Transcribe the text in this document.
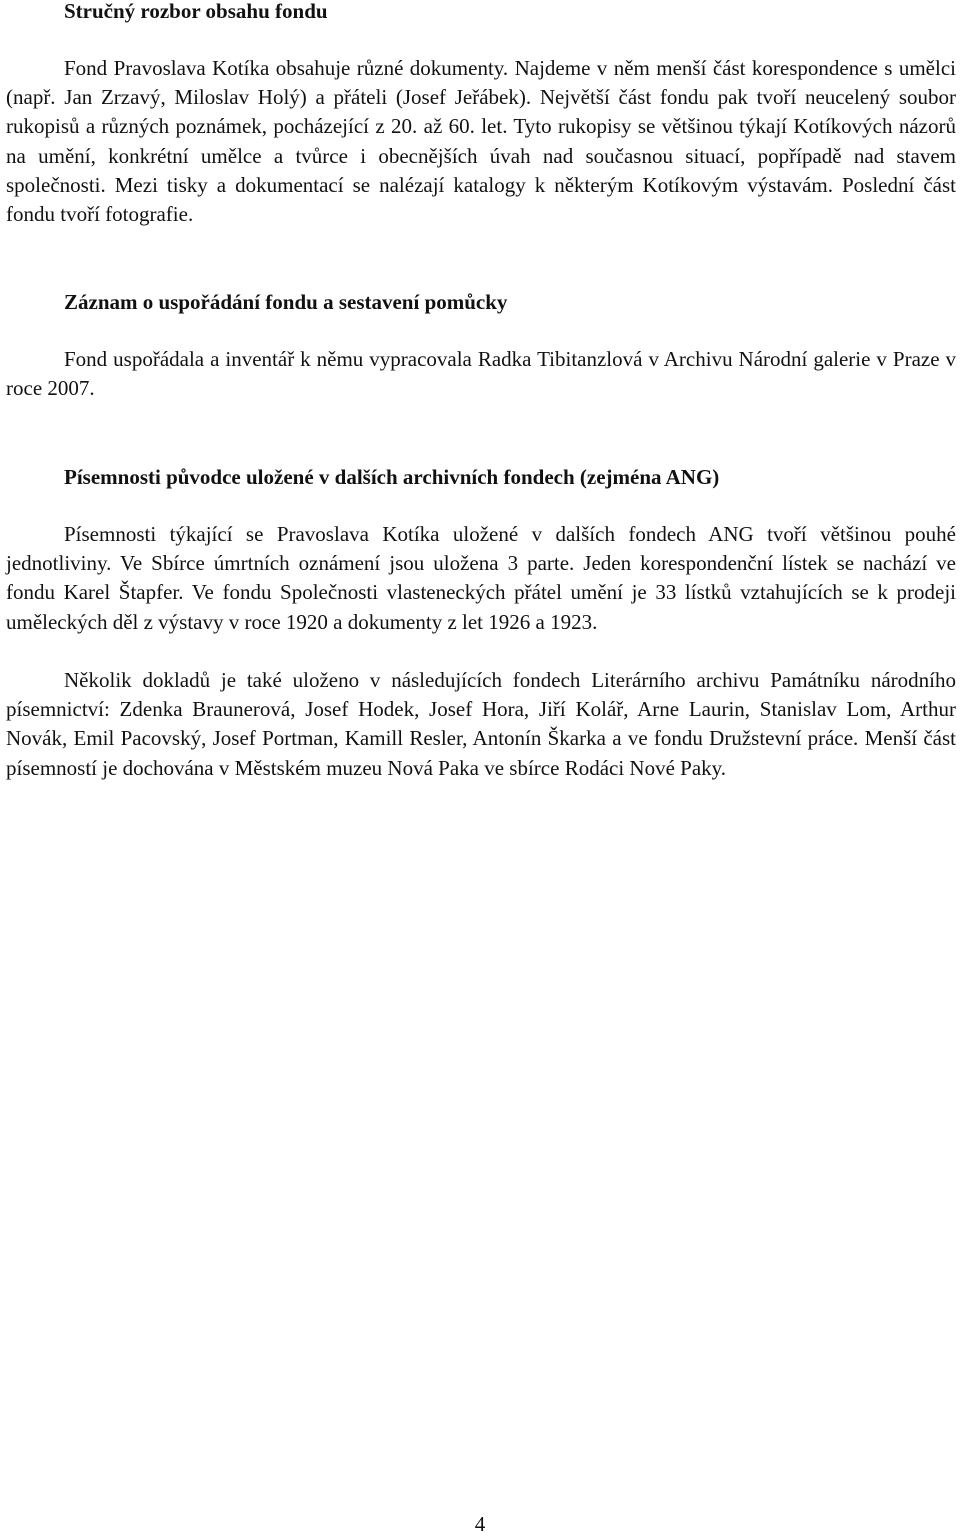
Stručný rozbor obsahu fondu

Fond Pravoslava Kotíka obsahuje různé dokumenty. Najdeme v něm menší část korespondence s umělci (např. Jan Zrzavý, Miloslav Holý) a přáteli (Josef Jeřábek). Největší část fondu pak tvoří neucelený soubor rukopisů a různých poznámek, pocházející z 20. až 60. let. Tyto rukopisy se většinou týkají Kotíkových názorů na umění, konkrétní umělce a tvůrce i obecnějších úvah nad současnou situací, popřípadě nad stavem společnosti. Mezi tisky a dokumentací se nalézají katalogy k některým Kotíkovým výstavám. Poslední část fondu tvoří fotografie.

Záznam o uspořádání fondu a sestavení pomůcky

Fond uspořádala a inventář k němu vypracovala Radka Tibitanzlová v Archivu Národní galerie v Praze v roce 2007.

Písemnosti původce uložené v dalších archivních fondech (zejména ANG)

Písemnosti týkající se Pravoslava Kotíka uložené v dalších fondech ANG tvoří většinou pouhé jednotliviny. Ve Sbírce úmrtních oznámení jsou uložena 3 parte. Jeden korespondenční lístek se nachází ve fondu Karel Štapfer. Ve fondu Společnosti vlasteneckých přátel umění je 33 lístků vztahujících se k prodeji uměleckých děl z výstavy v roce 1920 a dokumenty z let 1926 a 1923.

Několik dokladů je také uloženo v následujících fondech Literárního archivu Památníku národního písemnictví: Zdenka Braunerová, Josef Hodek, Josef Hora, Jiří Kolář, Arne Laurin, Stanislav Lom, Arthur Novák, Emil Pacovský, Josef Portman, Kamill Resler, Antonín Škarka a ve fondu Družstevní práce. Menší část písemností je dochována v Městském muzeu Nová Paka ve sbírce Rodáci Nové Paky.

4
